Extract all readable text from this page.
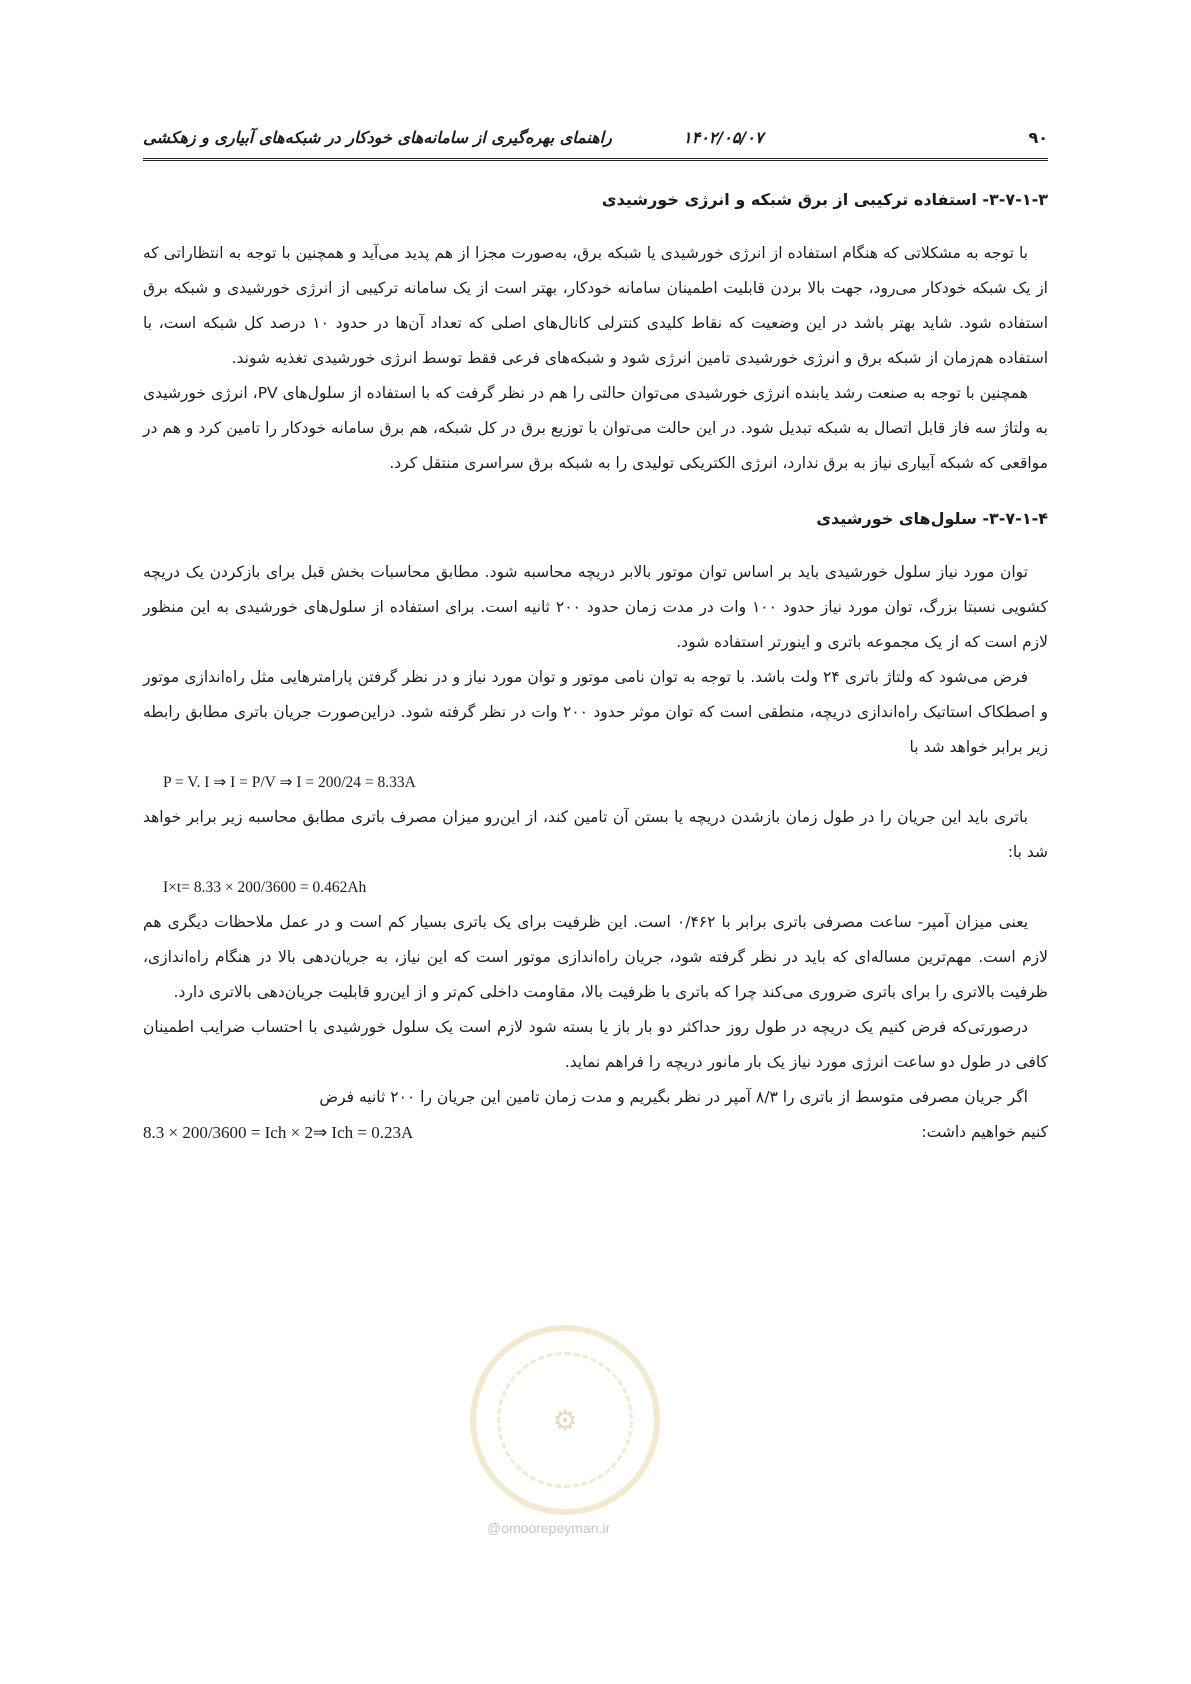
راهنمای بهره‌گیری از سامانه‌های خودکار در شبکه‌های آبیاری و زهکشی	۱۴۰۲/۰۵/۰۷	۹۰
۳-۷-۱-۳- استفاده ترکیبی از برق شبکه و انرژی خورشیدی

با توجه به مشکلاتی که هنگام استفاده از انرژی خورشیدی یا شبکه برق، به‌صورت مجزا از هم پدید می‌آید و همچنین با توجه به انتظاراتی که از یک شبکه خودکار می‌رود، جهت بالا بردن قابلیت اطمینان سامانه خودکار، بهتر است از یک سامانه ترکیبی از انرژی خورشیدی و شبکه برق استفاده شود. شاید بهتر باشد در این وضعیت که نقاط کلیدی کنترلی کانال‌های اصلی که تعداد آن‌ها در حدود ۱۰ درصد کل شبکه است، با استفاده هم‌زمان از شبکه برق و انرژی خورشیدی تامین انرژی شود و شبکه‌های فرعی فقط توسط انرژی خورشیدی تغذیه شوند.

همچنین با توجه به صنعت رشد یابنده انرژی خورشیدی می‌توان حالتی را هم در نظر گرفت که با استفاده از سلول‌های PV، انرژی خورشیدی به ولتاژ سه فاز قابل اتصال به شبکه تبدیل شود. در این حالت می‌توان با توزیع برق در کل شبکه، هم برق سامانه خودکار را تامین کرد و هم در مواقعی که شبکه آبیاری نیاز به برق ندارد، انرژی الکتریکی تولیدی را به شبکه برق سراسری منتقل کرد.

۳-۷-۱-۴- سلول‌های خورشیدی

توان مورد نیاز سلول خورشیدی باید بر اساس توان موتور بالابر دریچه محاسبه شود. مطابق محاسبات بخش قبل برای بازکردن یک دریچه کشویی نسبتا بزرگ، توان مورد نیاز حدود ۱۰۰ وات در مدت زمان حدود ۲۰۰ ثانیه است. برای استفاده از سلول‌های خورشیدی به این منظور لازم است که از یک مجموعه باتری و اینورتر استفاده شود.

فرض می‌شود که ولتاژ باتری ۲۴ ولت باشد. با توجه به توان نامی موتور و توان مورد نیاز و در نظر گرفتن پارامترهایی مثل راه‌اندازی موتور و اصطکاک استاتیک راه‌اندازی دریچه، منطقی است که توان موثر حدود ۲۰۰ وات در نظر گرفته شود. دراین‌صورت جریان باتری مطابق رابطه زیر برابر خواهد شد با

P = V. I ⇒ I = P/V ⇒ I = 200/24 = 8.33A

باتری باید این جریان را در طول زمان بازشدن دریچه یا بستن آن تامین کند، از این‌رو میزان مصرف باتری مطابق محاسبه زیر برابر خواهد شد با:

I×t= 8.33 × 200/3600 = 0.462Ah

یعنی میزان آمپر- ساعت مصرفی باتری برابر با ۰/۴۶۲ است. این ظرفیت برای یک باتری بسیار کم است و در عمل ملاحظات دیگری هم لازم است. مهم‌ترین مساله‌ای که باید در نظر گرفته شود، جریان راه‌اندازی موتور است که این نیاز، به جریان‌دهی بالا در هنگام راه‌اندازی، ظرفیت بالاتری را برای باتری ضروری می‌کند چرا که باتری با ظرفیت بالا، مقاومت داخلی کم‌تر و از این‌رو قابلیت جریان‌دهی بالاتری دارد.

درصورتی‌که فرض کنیم یک دریچه در طول روز حداکثر دو بار باز یا بسته شود لازم است یک سلول خورشیدی با احتساب ضرایب اطمینان کافی در طول دو ساعت انرژی مورد نیاز یک بار مانور دریچه را فراهم نماید.

اگر جریان مصرفی متوسط از باتری را ۸/۳ آمپر در نظر بگیریم و مدت زمان تامین این جریان را ۲۰۰ ثانیه فرض

کنیم خواهیم داشت:
8.3 × 200/3600 = Ich × 2⇒ Ich = 0.23A
⚙
@omoorepeyman.ir
